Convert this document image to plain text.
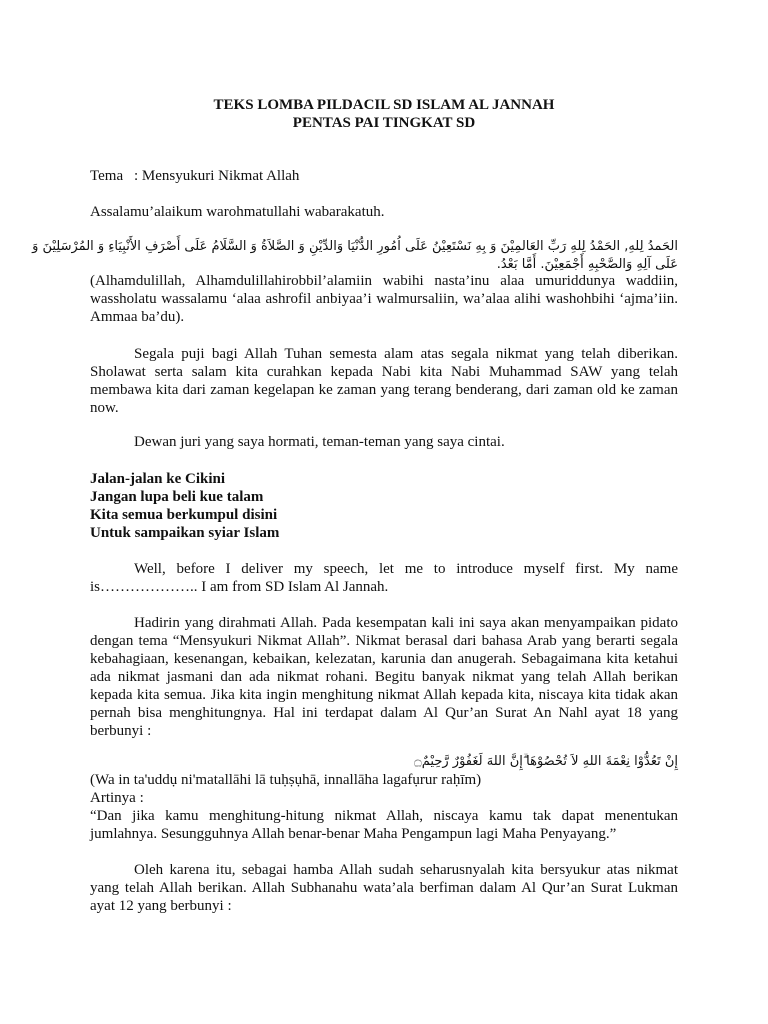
TEKS LOMBA PILDACIL SD ISLAM AL JANNAH
PENTAS PAI TINGKAT SD
Tema : Mensyukuri Nikmat Allah
Assalamu’alaikum warohmatullahi wabarakatuh.
الحَمدُ لِلهِ, الحَمْدُ لِلهِ رَبِّ العَالمِيْنَ وَ بِهِ نَسْتَعِيْنُ عَلَى اُمُورِ الدُّنْيَا وَالدِّيْنِ وَ الصَّلاَةُ وَ السَّلَامُ عَلَى أَصْرَفِ الأَنْبِيَاءِ وَ المُرْسَلِيْنَ وَ
عَلَى آلِهِ وَالصَّحْبِهِ أَجْمَعِيْنَ. أَمَّا بَعْدُ.
(Alhamdulillah, Alhamdulillahirobbil’alamiin wabihi nasta’inu alaa umuriddunya waddiin,
wassholatu wassalamu ‘alaa ashrofil anbiyaa’i walmursaliin, wa’alaa alihi washohbihi ‘ajma’iin.
Ammaa ba’du).
Segala puji bagi Allah Tuhan semesta alam atas segala nikmat yang telah diberikan.
Sholawat serta salam kita curahkan kepada Nabi kita Nabi Muhammad SAW yang telah
membawa kita dari zaman kegelapan ke zaman yang terang benderang, dari zaman old ke zaman
now.
Dewan juri yang saya hormati, teman-teman yang saya cintai.
Jalan-jalan ke Cikini
Jangan lupa beli kue talam
Kita semua berkumpul disini
Untuk sampaikan syiar Islam
Well, before I deliver my speech, let me to introduce myself first. My name
is……………….. I am from SD Islam Al Jannah.
Hadirin yang dirahmati Allah. Pada kesempatan kali ini saya akan menyampaikan pidato
dengan tema “Mensyukuri Nikmat Allah”. Nikmat berasal dari bahasa Arab yang berarti segala
kebahagiaan, kesenangan, kebaikan, kelezatan, karunia dan anugerah. Sebagaimana kita ketahui
ada nikmat jasmani dan ada nikmat rohani. Begitu banyak nikmat yang telah Allah berikan
kepada kita semua. Jika kita ingin menghitung nikmat Allah kepada kita, niscaya kita tidak akan
pernah bisa menghitungnya. Hal ini terdapat dalam Al Qur’an Surat An Nahl ayat 18 yang
berbunyi :
إِنْ تَعُدُّوْا نِعْمَةَ اللهِ لاَ تُحْصُوْهَا ۗإِنَّ اللهَ لَغَفُوْرٌ رَّحِيْمٌ۝
(Wa in ta'uddụ ni'matallāhi lā tuḥṣụhā, innallāha lagafụrur raḥīm)
Artinya :
“Dan jika kamu menghitung-hitung nikmat Allah, niscaya kamu tak dapat menentukan
jumlahnya. Sesungguhnya Allah benar-benar Maha Pengampun lagi Maha Penyayang.”
Oleh karena itu, sebagai hamba Allah sudah seharusnyalah kita bersyukur atas nikmat
yang telah Allah berikan. Allah Subhanahu wata’ala berfiman dalam Al Qur’an Surat Lukman
ayat 12 yang berbunyi :
